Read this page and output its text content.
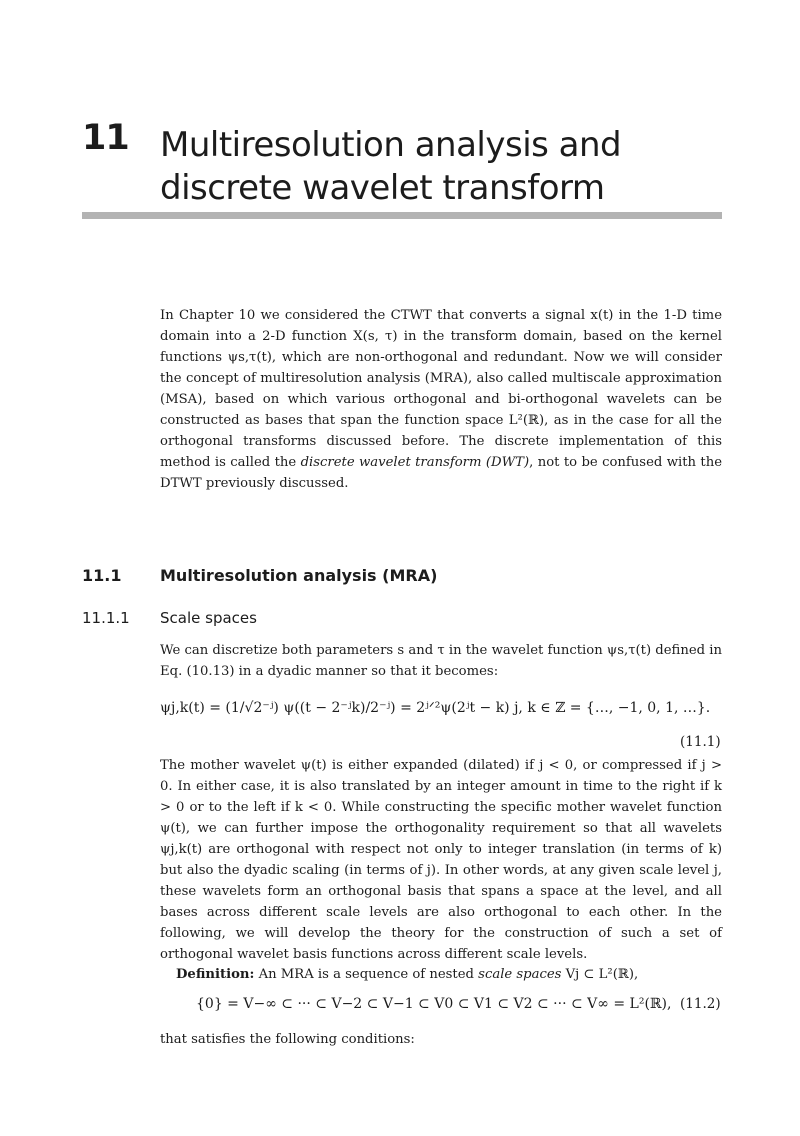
11 Multiresolution analysis and discrete wavelet transform
In Chapter 10 we considered the CTWT that converts a signal x(t) in the 1-D time domain into a 2-D function X(s, τ) in the transform domain, based on the kernel functions ψs,τ(t), which are non-orthogonal and redundant. Now we will consider the concept of multiresolution analysis (MRA), also called multiscale approximation (MSA), based on which various orthogonal and bi-orthogonal wavelets can be constructed as bases that span the function space L²(ℝ), as in the case for all the orthogonal transforms discussed before. The discrete implementation of this method is called the discrete wavelet transform (DWT), not to be confused with the DTWT previously discussed.
11.1 Multiresolution analysis (MRA)
11.1.1 Scale spaces
We can discretize both parameters s and τ in the wavelet function ψs,τ(t) defined in Eq. (10.13) in a dyadic manner so that it becomes:
ψj,k(t) = (1/√2⁻ʲ) ψ((t − 2⁻ʲk)/2⁻ʲ) = 2ʲᐟ²ψ(2ʲt − k) j, k ∈ ℤ = {…, −1, 0, 1, …}.
(11.1)
The mother wavelet ψ(t) is either expanded (dilated) if j < 0, or compressed if j > 0. In either case, it is also translated by an integer amount in time to the right if k > 0 or to the left if k < 0. While constructing the specific mother wavelet function ψ(t), we can further impose the orthogonality requirement so that all wavelets ψj,k(t) are orthogonal with respect not only to integer translation (in terms of k) but also the dyadic scaling (in terms of j). In other words, at any given scale level j, these wavelets form an orthogonal basis that spans a space at the level, and all bases across different scale levels are also orthogonal to each other. In the following, we will develop the theory for the construction of such a set of orthogonal wavelet basis functions across different scale levels.
Definition: An MRA is a sequence of nested scale spaces Vj ⊂ L²(ℝ),
{0} = V−∞ ⊂ ··· ⊂ V−2 ⊂ V−1 ⊂ V0 ⊂ V1 ⊂ V2 ⊂ ··· ⊂ V∞ = L²(ℝ), (11.2)
that satisfies the following conditions:
